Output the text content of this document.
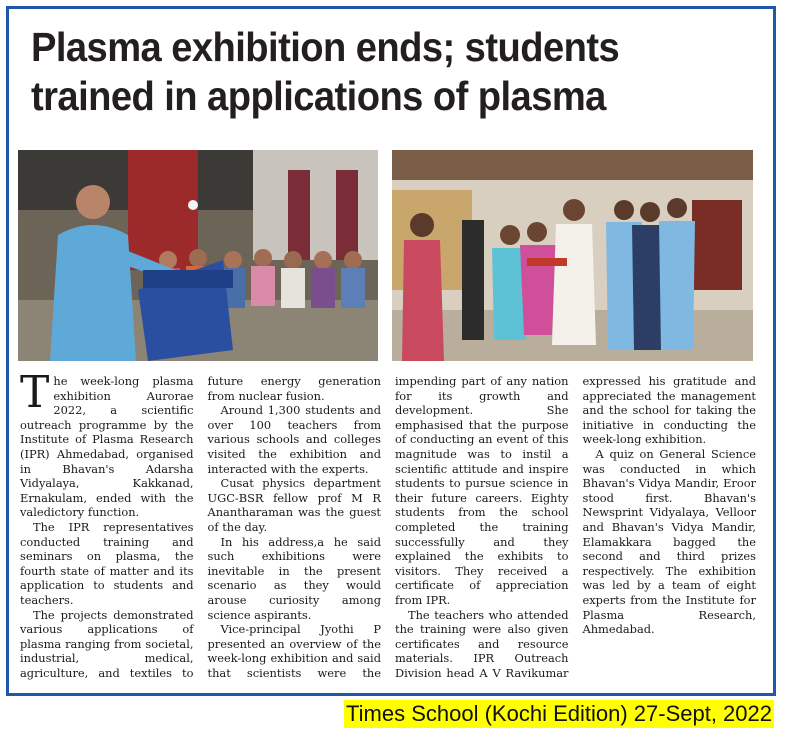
Plasma exhibition ends; students trained in applications of plasma

The week-long plasma exhibition Aurorae 2022, a scientific outreach programme by the Institute of Plasma Research (IPR) Ahmedabad, organised in Bhavan's Adarsha Vidyalaya, Kakkanad, Ernakulam, ended with the valedictory function.

The IPR representatives conducted training and seminars on plasma, the fourth state of matter and its application to students and teachers.

The projects demonstrated various applications of plasma ranging from societal, industrial, medical, agriculture, and textiles to future energy generation from nuclear fusion.

Around 1,300 students and over 100 teachers from various schools and colleges visited the exhibition and interacted with the experts.

Cusat physics department UGC-BSR fellow prof M R Anantharaman was the guest of the day.

In his address,a he said such exhibitions were inevitable in the present scenario as they would arouse curiosity among science aspirants.

Vice-principal Jyothi P presented an overview of the week-long exhibition and said that scientists were the impending part of any nation for its growth and development. She emphasised that the purpose of conducting an event of this magnitude was to instil a scientific attitude and inspire students to pursue science in their future careers. Eighty students from the school completed the training successfully and they explained the exhibits to visitors. They received a certificate of appreciation from IPR.

The teachers who attended the training were also given certificates and resource materials. IPR Outreach Division head A V Ravikumar expressed his gratitude and appreciated the management and the school for taking the initiative in conducting the week-long exhibition.

A quiz on General Science was conducted in which Bhavan's Vidya Mandir, Eroor stood first. Bhavan's Newsprint Vidyalaya, Velloor and Bhavan's Vidya Mandir, Elamakkara bagged the second and third prizes respectively. The exhibition was led by a team of eight experts from the Institute for Plasma Research, Ahmedabad.

Times School (Kochi Edition) 27-Sept, 2022
